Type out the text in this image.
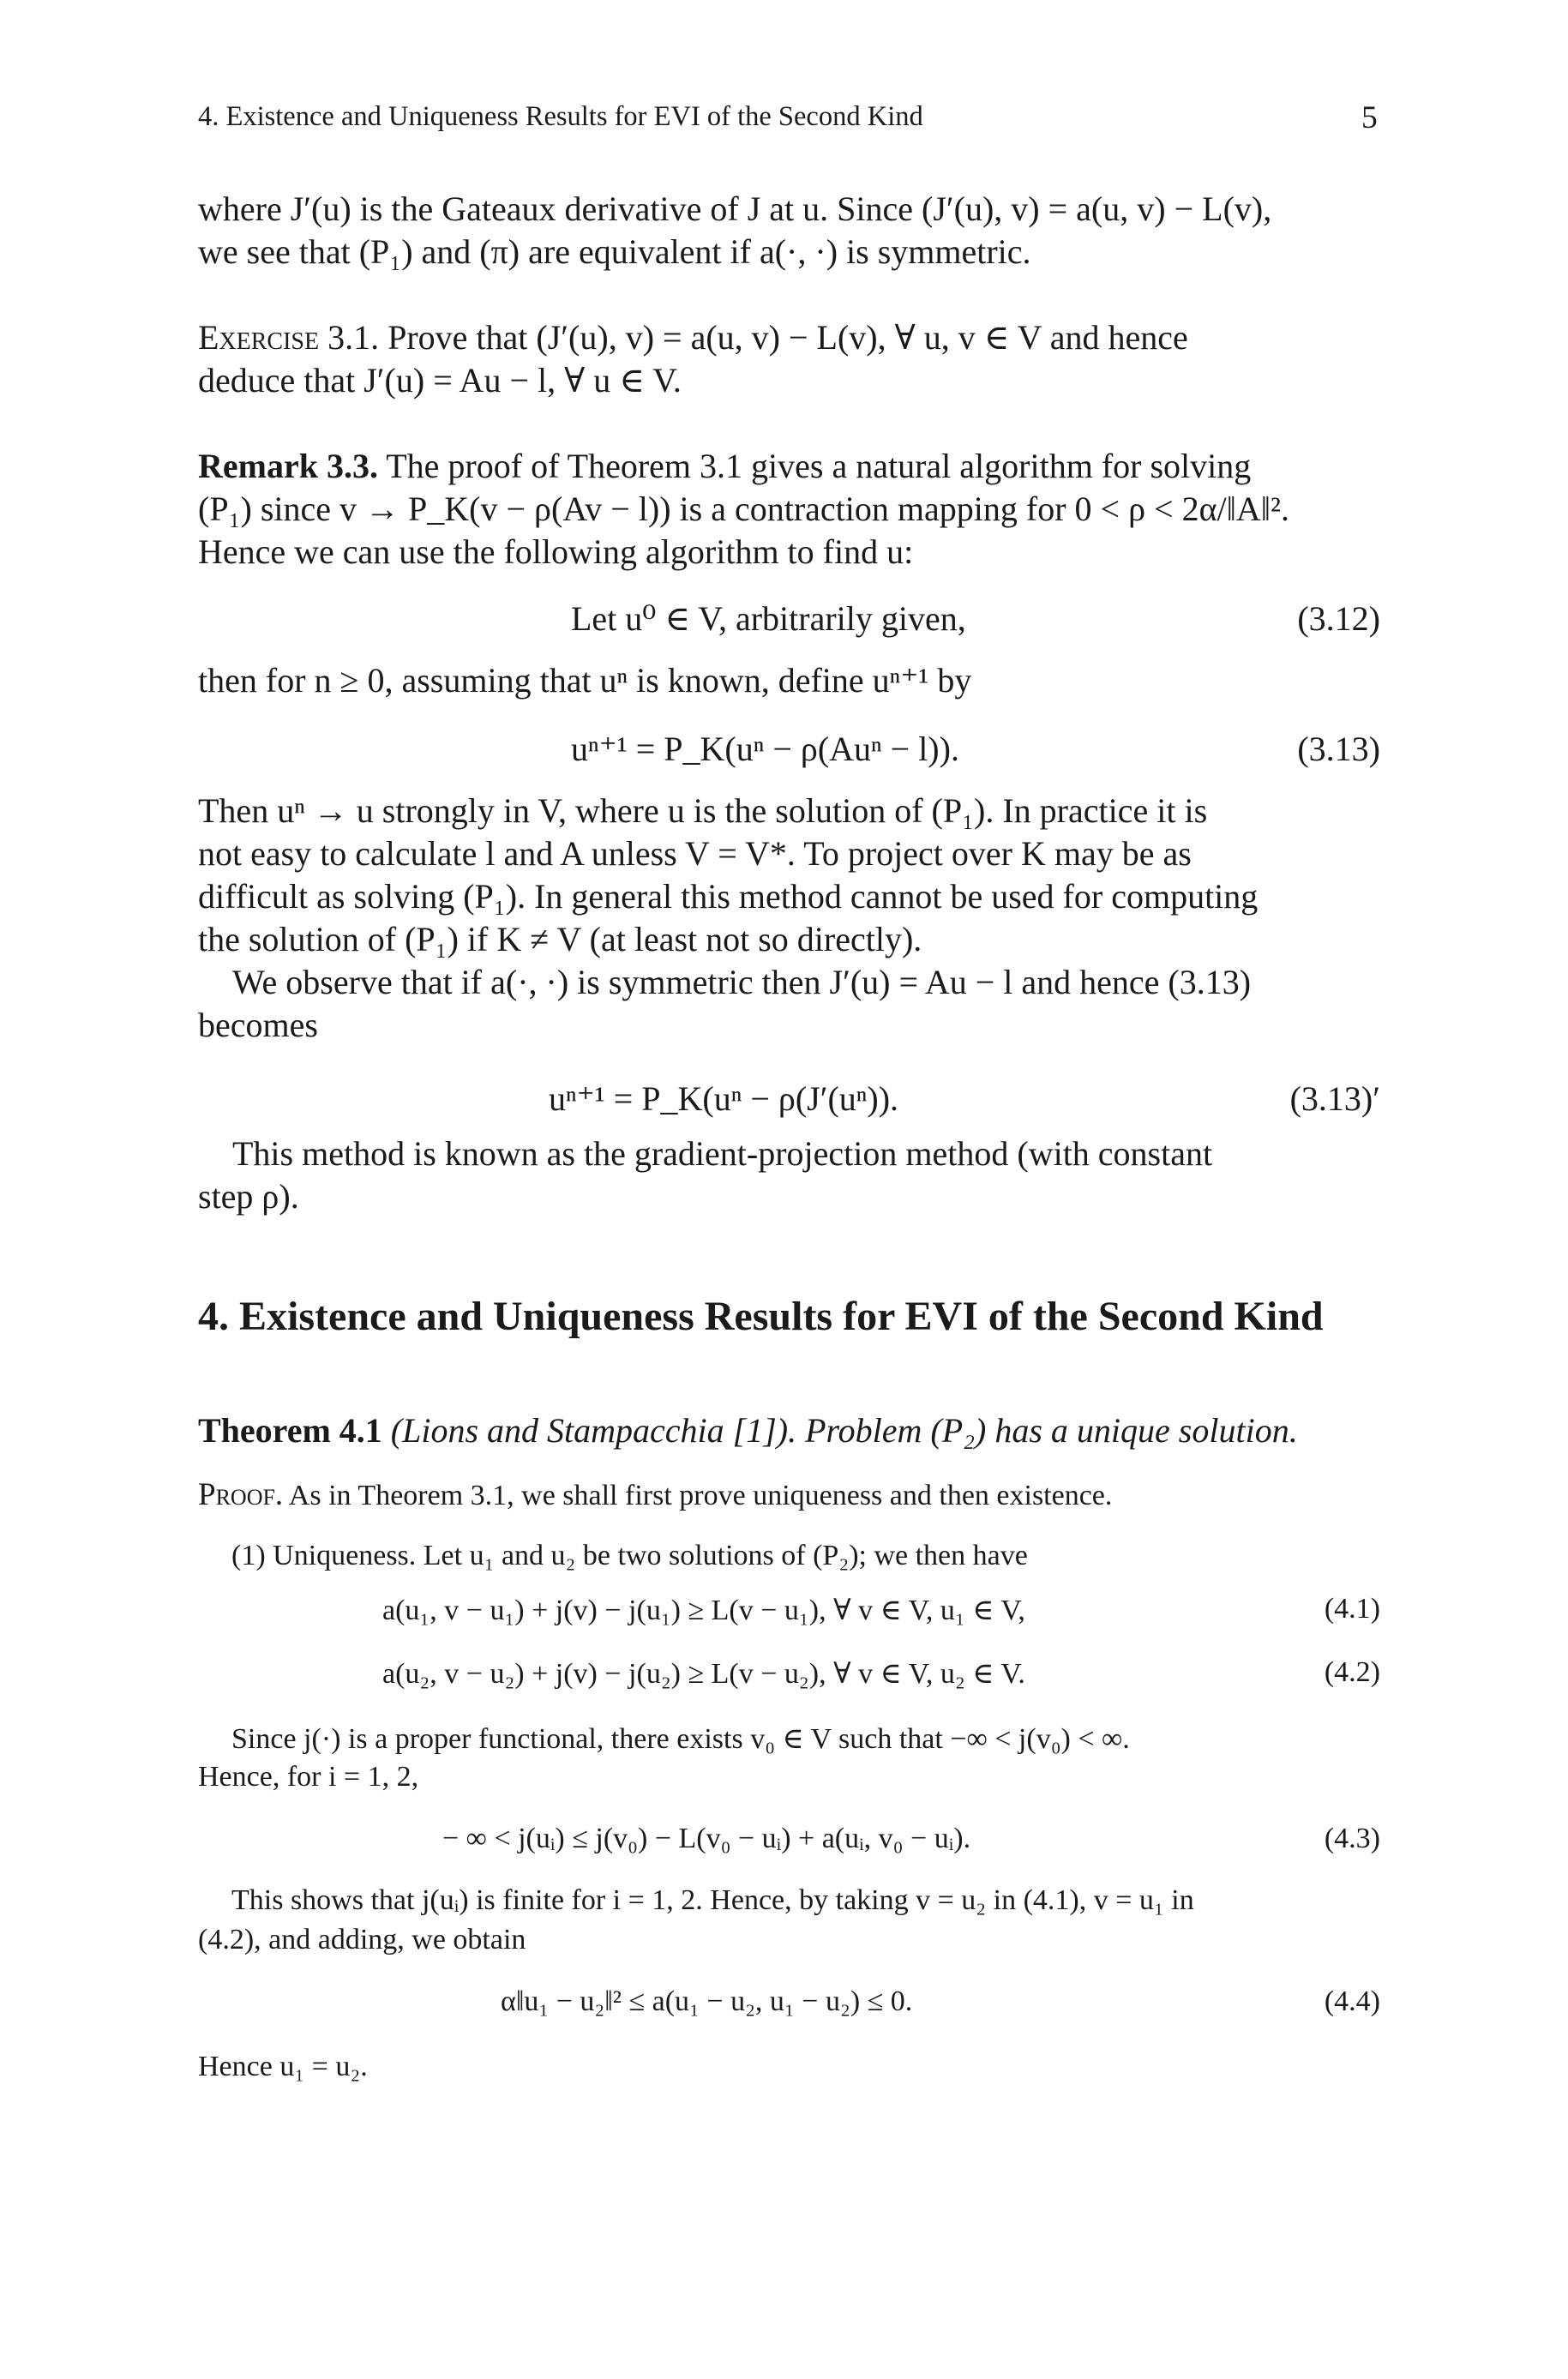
4. Existence and Uniqueness Results for EVI of the Second Kind	5

where J′(u) is the Gateaux derivative of J at u. Since (J′(u), v) = a(u, v) − L(v),

we see that (P₁) and (π) are equivalent if a(·, ·) is symmetric.

Exercise 3.1. Prove that (J′(u), v) = a(u, v) − L(v), ∀ u, v ∈ V and hence

deduce that J′(u) = Au − l, ∀ u ∈ V.

Remark 3.3. The proof of Theorem 3.1 gives a natural algorithm for solving

(P₁) since v → P_K(v − ρ(Av − l)) is a contraction mapping for 0 < ρ < 2α/‖A‖².

Hence we can use the following algorithm to find u:

Let u⁰ ∈ V, arbitrarily given,	(3.12)

then for n ≥ 0, assuming that uⁿ is known, define uⁿ⁺¹ by

uⁿ⁺¹ = P_K(uⁿ − ρ(Auⁿ − l)).	(3.13)

Then uⁿ → u strongly in V, where u is the solution of (P₁). In practice it is

not easy to calculate l and A unless V = V*. To project over K may be as

difficult as solving (P₁). In general this method cannot be used for computing

the solution of (P₁) if K ≠ V (at least not so directly).

We observe that if a(·, ·) is symmetric then J′(u) = Au − l and hence (3.13)

becomes

uⁿ⁺¹ = P_K(uⁿ − ρ(J′(uⁿ)).	(3.13)′

This method is known as the gradient-projection method (with constant

step ρ).

4. Existence and Uniqueness Results for EVI of the Second Kind

Theorem 4.1 (Lions and Stampacchia [1]). Problem (P₂) has a unique solution.

Proof. As in Theorem 3.1, we shall first prove uniqueness and then existence.

(1) Uniqueness. Let u₁ and u₂ be two solutions of (P₂); we then have

a(u₁, v − u₁) + j(v) − j(u₁) ≥ L(v − u₁), ∀ v ∈ V, u₁ ∈ V,	(4.1)

a(u₂, v − u₂) + j(v) − j(u₂) ≥ L(v − u₂), ∀ v ∈ V, u₂ ∈ V.	(4.2)

Since j(·) is a proper functional, there exists v₀ ∈ V such that −∞ < j(v₀) < ∞.

Hence, for i = 1, 2,

− ∞ < j(uᵢ) ≤ j(v₀) − L(v₀ − uᵢ) + a(uᵢ, v₀ − uᵢ).	(4.3)

This shows that j(uᵢ) is finite for i = 1, 2. Hence, by taking v = u₂ in (4.1), v = u₁ in

(4.2), and adding, we obtain

α‖u₁ − u₂‖² ≤ a(u₁ − u₂, u₁ − u₂) ≤ 0.	(4.4)

Hence u₁ = u₂.
